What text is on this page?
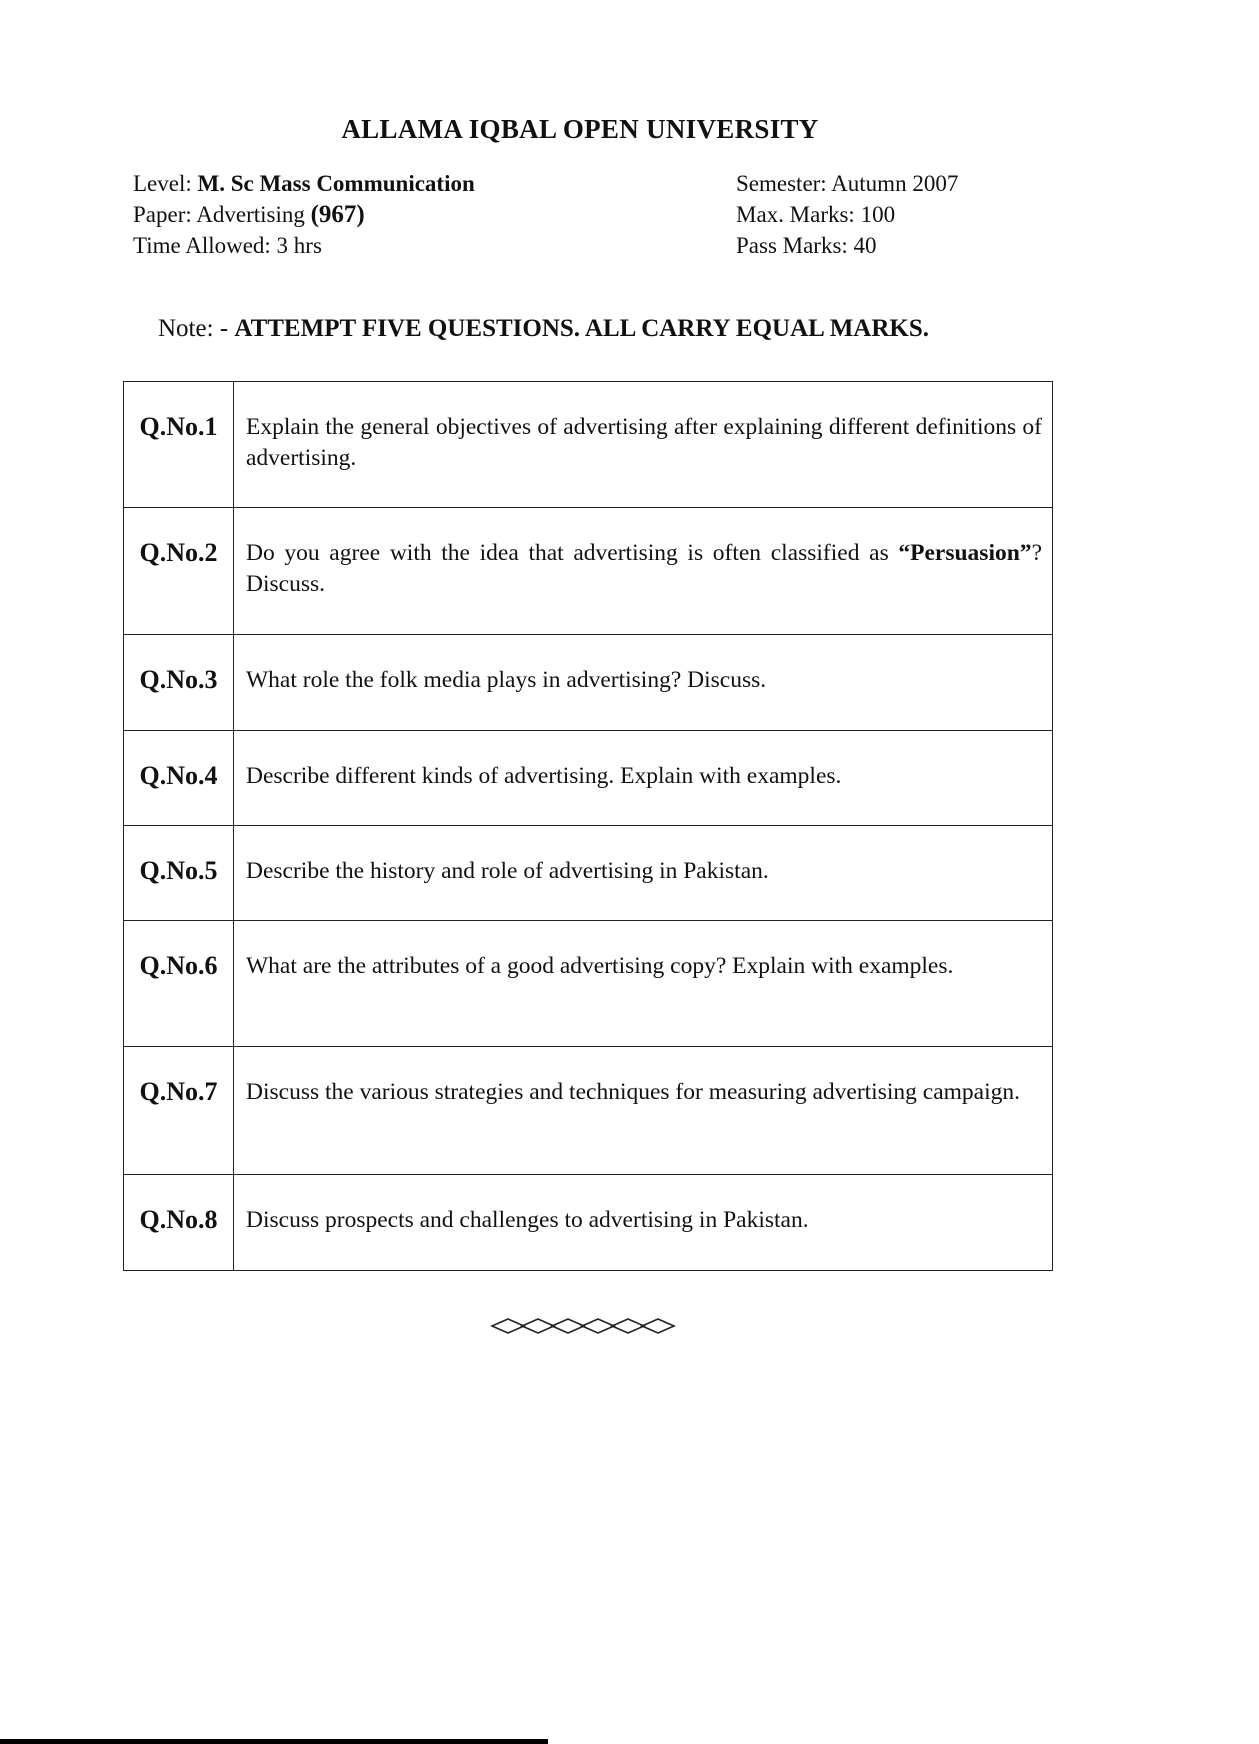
ALLAMA IQBAL OPEN UNIVERSITY
Level: M. Sc Mass Communication
Paper: Advertising (967)
Time Allowed: 3 hrs
Semester: Autumn 2007
Max. Marks: 100
Pass Marks: 40
Note: - ATTEMPT FIVE QUESTIONS. ALL CARRY EQUAL MARKS.
Q.No.1	Explain the general objectives of advertising after explaining different definitions of advertising.
Q.No.2	Do you agree with the idea that advertising is often classified as “Persuasion”? Discuss.
Q.No.3	What role the folk media plays in advertising? Discuss.
Q.No.4	Describe different kinds of advertising. Explain with examples.
Q.No.5	Describe the history and role of advertising in Pakistan.
Q.No.6	What are the attributes of a good advertising copy? Explain with examples.
Q.No.7	Discuss the various strategies and techniques for measuring advertising campaign.
Q.No.8	Discuss prospects and challenges to advertising in Pakistan.
